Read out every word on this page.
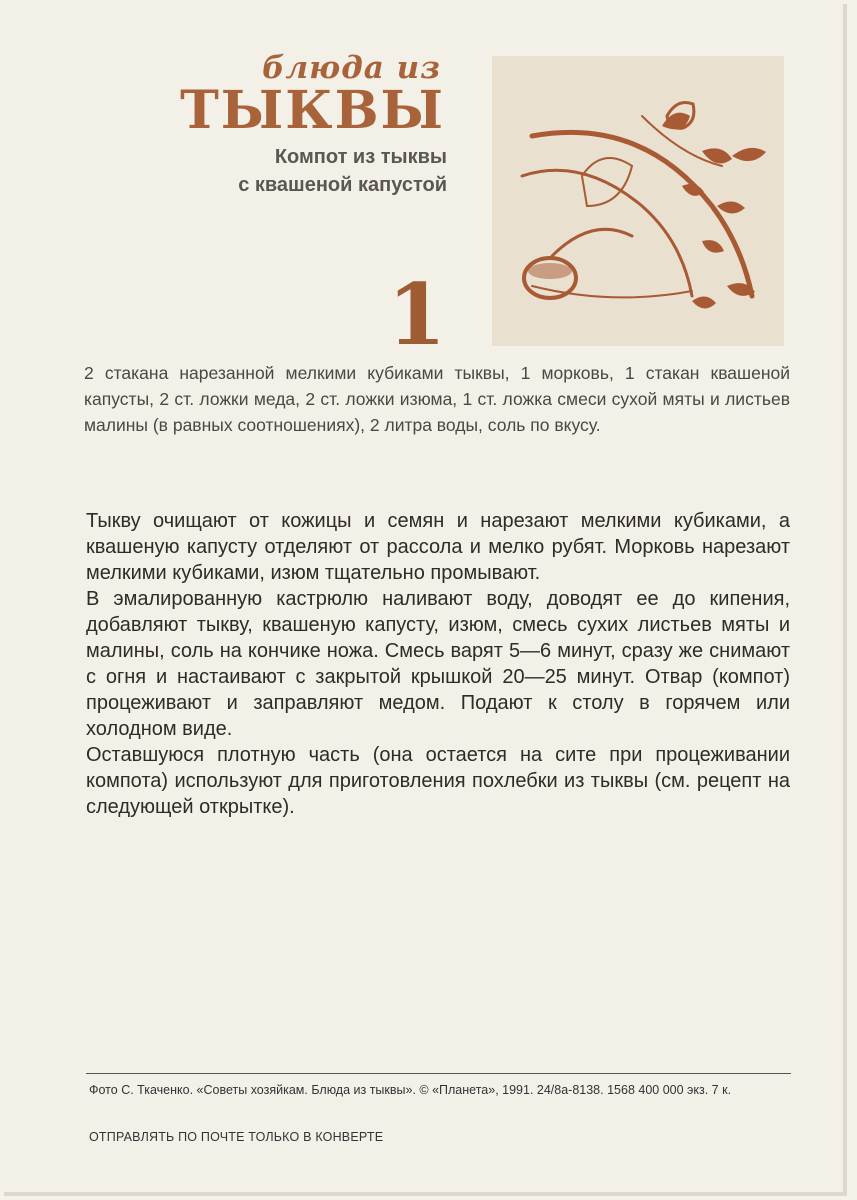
блюда из
ТЫКВЫ
Компот из тыквы
с квашеной капустой
1
2 стакана нарезанной мелкими кубиками тыквы, 1 морковь, 1 стакан квашеной капусты, 2 ст. ложки меда, 2 ст. ложки изюма, 1 ст. ложка смеси сухой мяты и листьев малины (в равных соотношениях), 2 литра воды, соль по вкусу.

Тыкву очищают от кожицы и семян и нарезают мелкими кубиками, а квашеную капусту отделяют от рассола и мелко рубят. Морковь нарезают мелкими кубиками, изюм тщательно промывают.

В эмалированную кастрюлю наливают воду, доводят ее до кипения, добавляют тыкву, квашеную капусту, изюм, смесь сухих листьев мяты и малины, соль на кончике ножа. Смесь варят 5—6 минут, сразу же снимают с огня и настаивают с закрытой крышкой 20—25 минут. Отвар (компот) процеживают и заправляют медом. Подают к столу в горячем или холодном виде.

Оставшуюся плотную часть (она остается на сите при процеживании компота) используют для приготовления похлебки из тыквы (см. рецепт на следующей открытке).

Фото С. Ткаченко. «Советы хозяйкам. Блюда из тыквы». © «Планета», 1991. 24/8а-8138. 1568 400 000 экз. 7 к.
ОТПРАВЛЯТЬ ПО ПОЧТЕ ТОЛЬКО В КОНВЕРТЕ
